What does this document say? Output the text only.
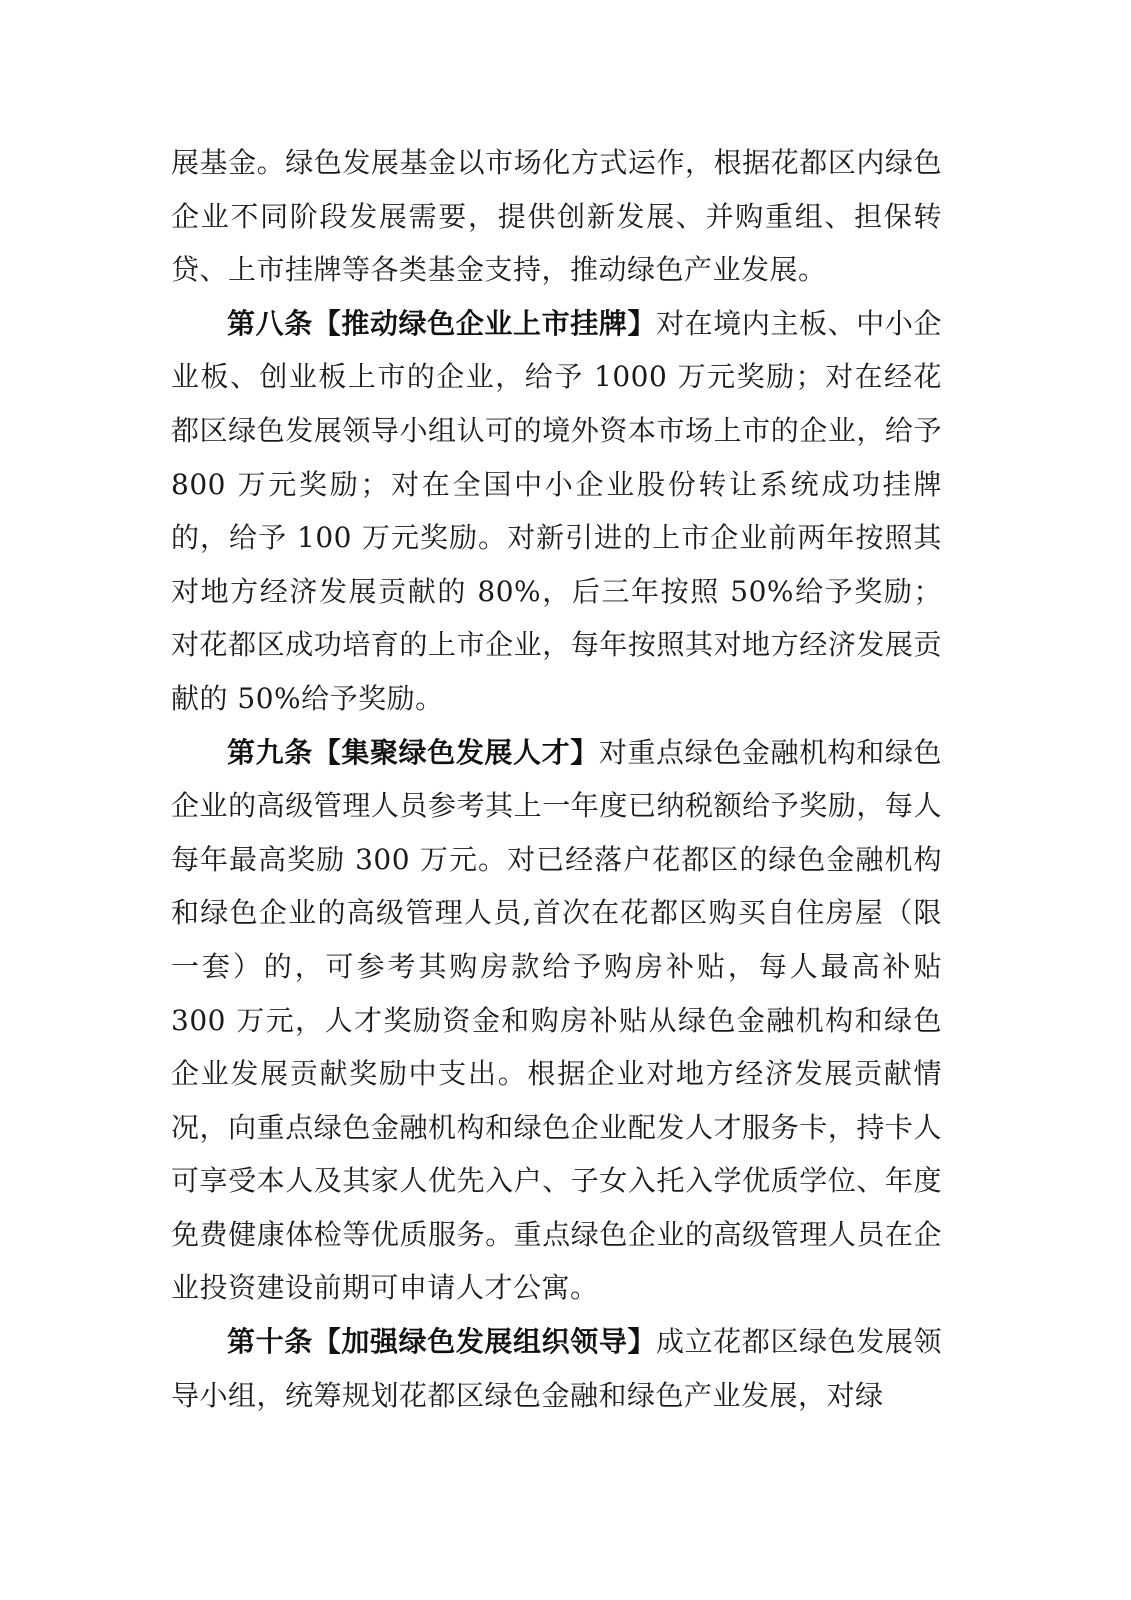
展基金。绿色发展基金以市场化方式运作，根据花都区内绿色企业不同阶段发展需要，提供创新发展、并购重组、担保转贷、上市挂牌等各类基金支持，推动绿色产业发展。

第八条【推动绿色企业上市挂牌】对在境内主板、中小企业板、创业板上市的企业，给予 1000 万元奖励；对在经花都区绿色发展领导小组认可的境外资本市场上市的企业，给予 800 万元奖励；对在全国中小企业股份转让系统成功挂牌的，给予 100 万元奖励。对新引进的上市企业前两年按照其对地方经济发展贡献的 80%，后三年按照 50%给予奖励；对花都区成功培育的上市企业，每年按照其对地方经济发展贡献的 50%给予奖励。

第九条【集聚绿色发展人才】对重点绿色金融机构和绿色企业的高级管理人员参考其上一年度已纳税额给予奖励，每人每年最高奖励 300 万元。对已经落户花都区的绿色金融机构和绿色企业的高级管理人员,首次在花都区购买自住房屋（限一套）的，可参考其购房款给予购房补贴，每人最高补贴 300 万元，人才奖励资金和购房补贴从绿色金融机构和绿色企业发展贡献奖励中支出。根据企业对地方经济发展贡献情况，向重点绿色金融机构和绿色企业配发人才服务卡，持卡人可享受本人及其家人优先入户、子女入托入学优质学位、年度免费健康体检等优质服务。重点绿色企业的高级管理人员在企业投资建设前期可申请人才公寓。

第十条【加强绿色发展组织领导】成立花都区绿色发展领导小组，统筹规划花都区绿色金融和绿色产业发展，对绿
